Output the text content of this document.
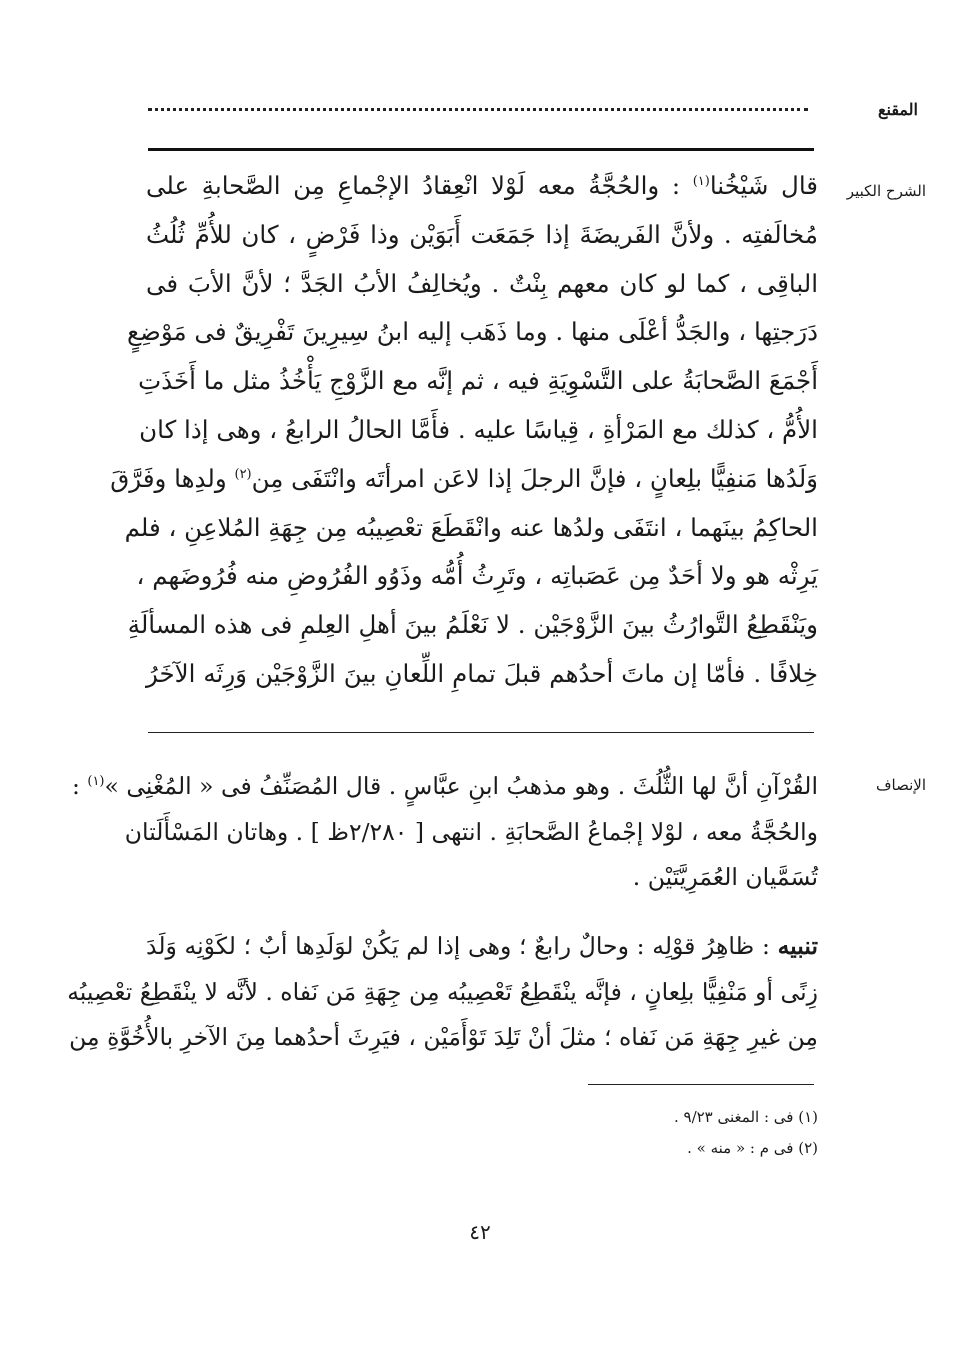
المقنع
الشرح الكبير
قال شَيْخُنا$^{(١)}$ : والحُجَّةُ معه لَوْلا انْعِقادُ الإجْماعِ مِن الصَّحابةِ على
مُخالَفتِه . ولأنَّ الفَريضَةَ إذا جَمَعَت أَبَوَيْن وذا فَرْضٍ ، كان للأُمِّ ثُلُثُ
الباقِى ، كما لو كان معهم بِنْتٌ . ويُخالِفُ الأبُ الجَدَّ ؛ لأنَّ الأبَ فى
دَرَجتِها ، والجَدُّ أعْلَى منها . وما ذَهَب إليه ابنُ سِيرِينَ تَفْرِيقٌ فى مَوْضِعٍ
أَجْمَعَ الصَّحابَةُ على التَّسْوِيَةِ فيه ، ثم إنَّه مع الزَّوْجِ يَأْخُذُ مثل ما أَخَذَتِ
الأُمُّ ، كذلك مع المَرْأةِ ، قِياسًا عليه . فأَمَّا الحالُ الرابعُ ، وهى إذا كان
وَلَدُها مَنفِيًّا بلِعانٍ ، فإنَّ الرجلَ إذا لاعَن امرأتَه وانْتَفَى مِن$^{(٢)}$ ولدِها وفَرَّقَ
الحاكِمُ بينَهما ، انتَفَى ولدُها عنه وانْقَطَعَ تعْصِيبُه مِن جِهَةِ المُلاعِنِ ، فلم
يَرِثْه هو ولا أحَدٌ مِن عَصَباتِه ، وتَرِثُ أُمُّه وذَوُو الفُرُوضِ منه فُرُوضَهم ،
ويَنْقَطِعُ التَّوارُثُ بينَ الزَّوْجَيْن . لا نَعْلَمُ بينَ أهلِ العِلمِ فى هذه المسألَةِ
خِلافًا . فأمّا إن ماتَ أحدُهم قبلَ تمامِ اللِّعانِ بينَ الزَّوْجَيْن وَرِثَه الآخَرُ
الإنصاف
القُرْآنِ أنَّ لها الثُّلُثَ . وهو مذهبُ ابنِ عبَّاسٍ . قال المُصَنِّفُ فى « المُغْنِى »$^{(١)}$ :
والحُجَّةُ معه ، لوْلا إجْماعُ الصَّحابَةِ . انتهى [ ٢/٢٨٠ظ ] . وهاتان المَسْأَلَتان
تُسَمَّيان العُمَرِيَّتَيْن .
تنبيه : ظاهِرُ قوْلِه : وحالٌ رابعٌ ؛ وهى إذا لم يَكُنْ لوَلَدِها أبٌ ؛ لكَوْنِه وَلَدَ
زِنًى أو مَنْفِيًّا بلِعانٍ ، فإنَّه ينْقَطِعُ تَعْصِيبُه مِن جِهَةِ مَن نَفاه . لأنَّه لا ينْقَطِعُ تعْصِيبُه
مِن غيرِ جِهَةِ مَن نَفاه ؛ مثلَ أنْ تَلِدَ تَوْأَمَيْن ، فيَرِثَ أحدُهما مِنَ الآخرِ بالأُخُوَّةِ مِن
(١) فى : المغنى ٩/٢٣ .
(٢) فى م : « منه » .
٤٢
